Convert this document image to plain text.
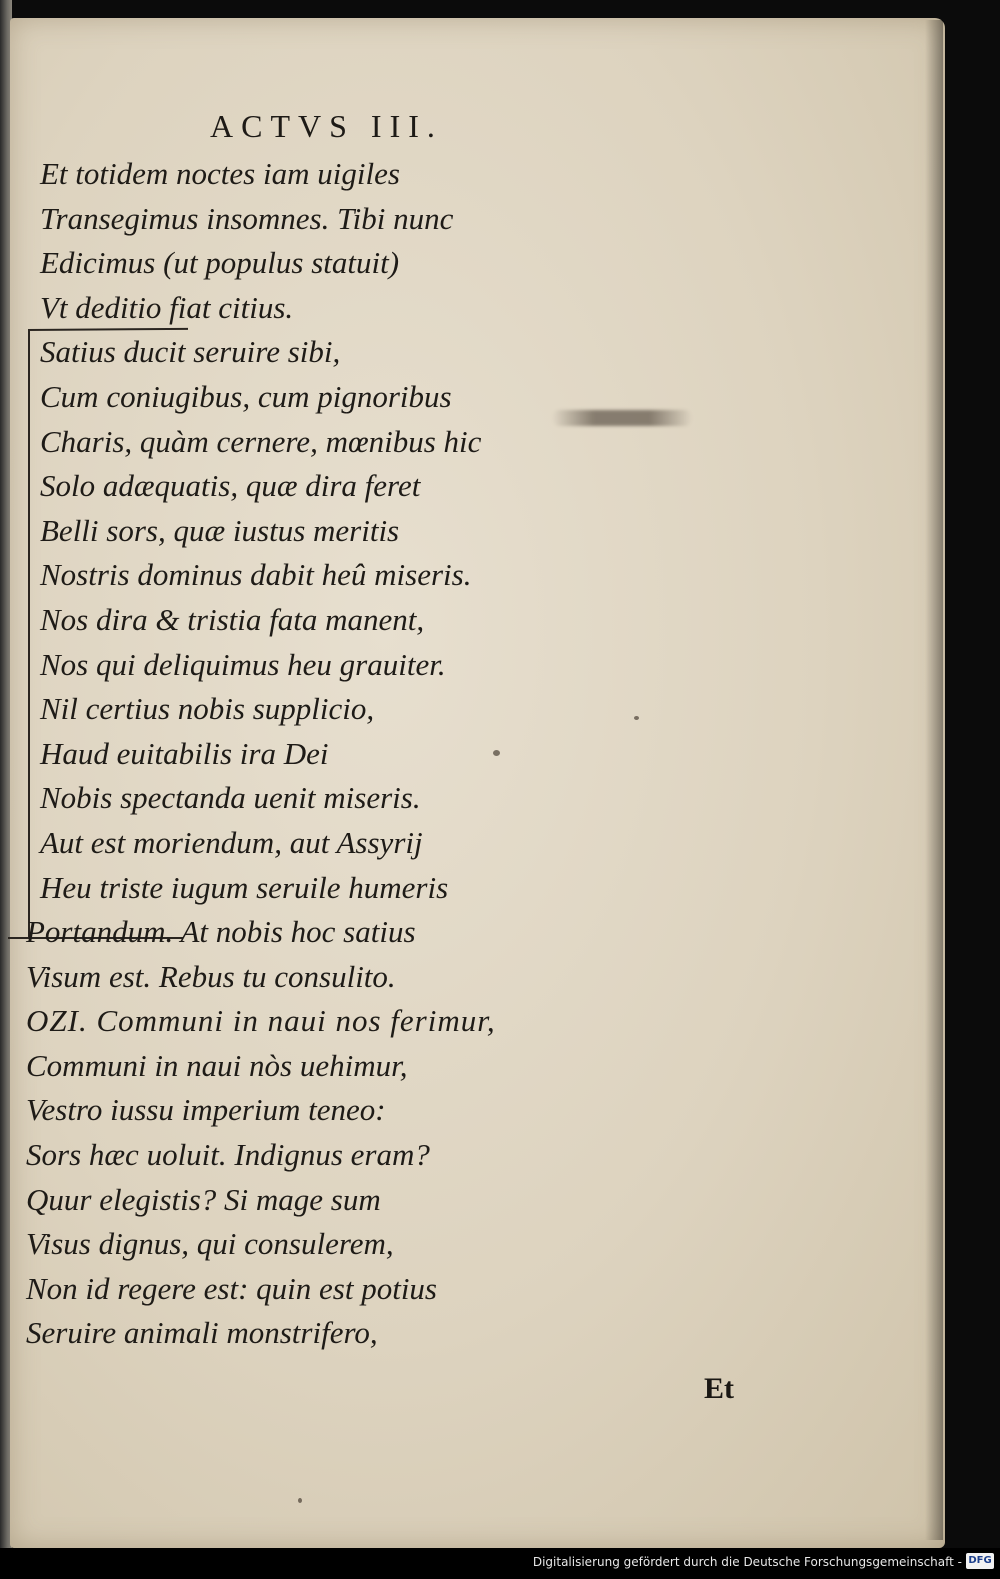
ACTVS III.
Et totidem noctes iam uigiles
Transegimus insomnes. Tibi nunc
Edicimus (ut populus statuit)
Vt deditio fiat citius.
Satius ducit seruire sibi,
Cum coniugibus, cum pignoribus
Charis, quàm cernere, mœnibus hic
Solo adæquatis, quæ dira feret
Belli sors, quæ iustus meritis
Nostris dominus dabit heû miseris.
Nos dira & tristia fata manent,
Nos qui deliquimus heu grauiter.
Nil certius nobis supplicio,
Haud euitabilis ira Dei
Nobis spectanda uenit miseris.
Aut est moriendum, aut Assyrij
Heu triste iugum seruile humeris
Portandum. At nobis hoc satius
Visum est. Rebus tu consulito.
OZI. Communi in naui nos ferimur,
Communi in naui nòs uehimur,
Vestro iussu imperium teneo:
Sors hæc uoluit. Indignus eram?
Quur elegistis? Si mage sum
Visus dignus, qui consulerem,
Non id regere est: quin est potius
Seruire animali monstrifero,
Et
Digitalisierung gefördert durch die Deutsche Forschungsgemeinschaft - DFG
